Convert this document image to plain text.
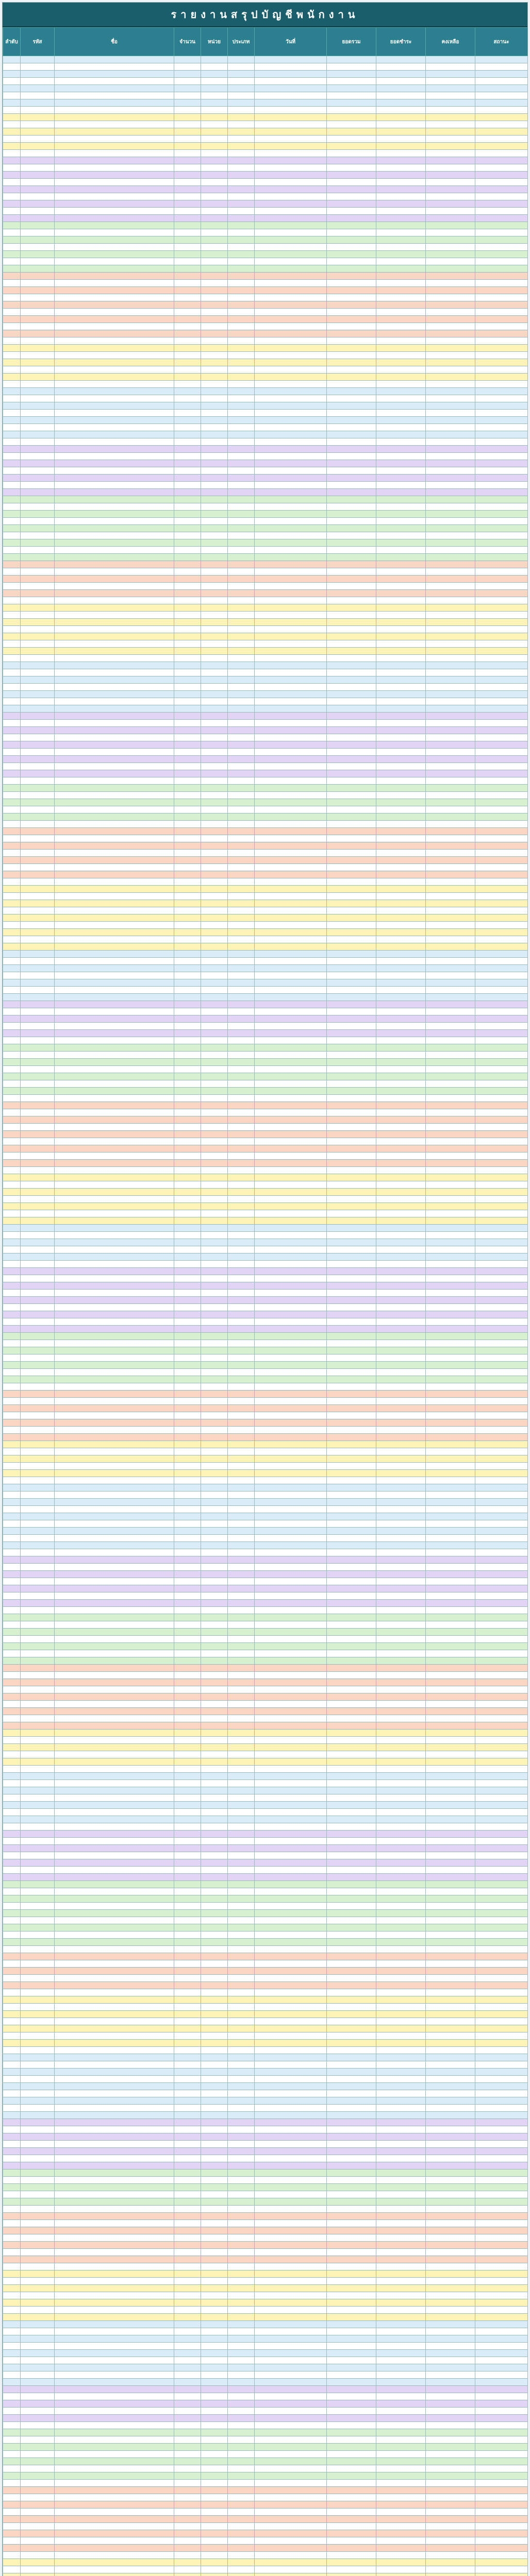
รายงานสรุปบัญชีพนักงาน
ลำดับ	รหัส	ชื่อ	จำนวน	หน่วย	ประเภท	วันที่	ยอดรวม	ยอดชำระ	คงเหลือ	สถานะ
